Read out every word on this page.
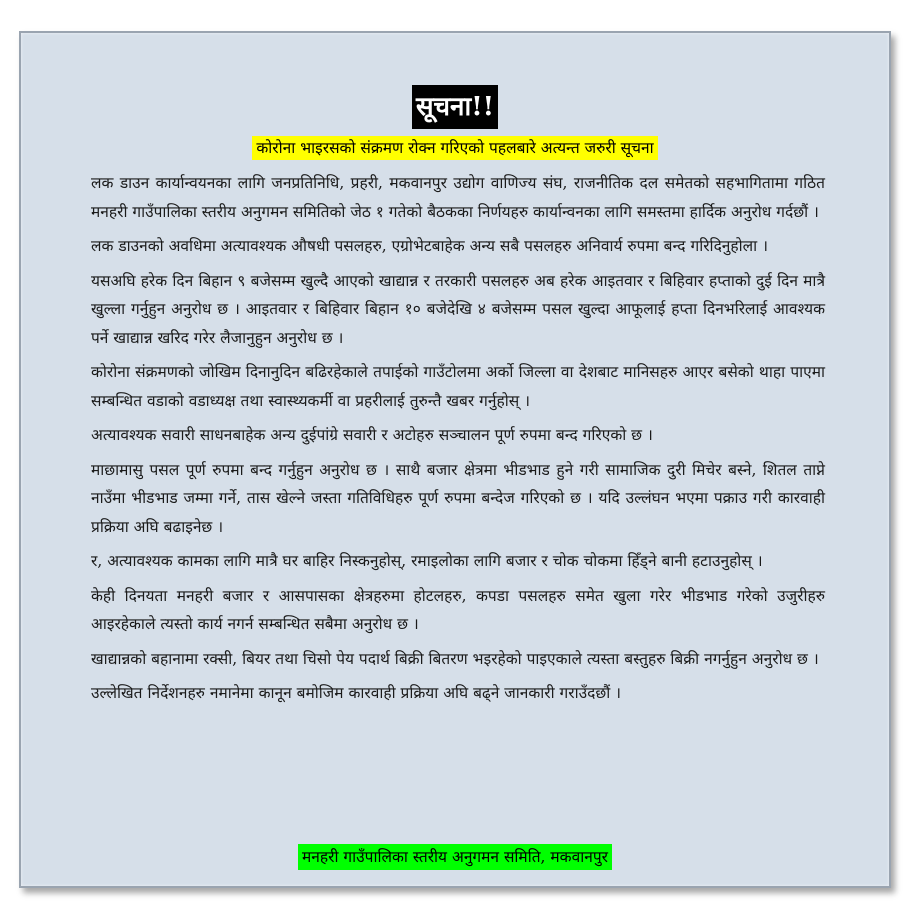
सूचना!!
कोरोना भाइरसको संक्रमण रोक्न गरिएको पहलबारे अत्यन्त जरुरी सूचना

लक डाउन कार्यान्वयनका लागि जनप्रतिनिधि, प्रहरी, मकवानपुर उद्योग वाणिज्य संघ, राजनीतिक दल समेतको सहभागितामा गठित मनहरी गाउँपालिका स्तरीय अनुगमन समितिको जेठ १ गतेको बैठकका निर्णयहरु कार्यान्वनका लागि समस्तमा हार्दिक अनुरोध गर्दछौं ।

लक डाउनको अवधिमा अत्यावश्यक औषधी पसलहरु, एग्रोभेटबाहेक अन्य सबै पसलहरु अनिवार्य रुपमा बन्द गरिदिनुहोला ।

यसअघि हरेक दिन बिहान ९ बजेसम्म खुल्दै आएको खाद्यान्न र तरकारी पसलहरु अब हरेक आइतवार र बिहिवार हप्ताको दुई दिन मात्रै खुल्ला गर्नुहुन अनुरोध छ । आइतवार र बिहिवार बिहान १० बजेदेखि ४ बजेसम्म पसल खुल्दा आफूलाई हप्ता दिनभरिलाई आवश्यक पर्ने खाद्यान्न खरिद गरेर लैजानुहुन अनुरोध छ ।

कोरोना संक्रमणको जोखिम दिनानुदिन बढिरहेकाले तपाईको गाउँटोलमा अर्को जिल्ला वा देशबाट मानिसहरु आएर बसेको थाहा पाएमा सम्बन्धित वडाको वडाध्यक्ष तथा स्वास्थ्यकर्मी वा प्रहरीलाई तुरुन्तै खबर गर्नुहोस् ।

अत्यावश्यक सवारी साधनबाहेक अन्य दुईपांग्रे सवारी र अटोहरु सञ्चालन पूर्ण रुपमा बन्द गरिएको छ ।

माछामासु पसल पूर्ण रुपमा बन्द गर्नुहुन अनुरोध छ । साथै बजार क्षेत्रमा भीडभाड हुने गरी सामाजिक दुरी मिचेर बस्ने, शितल ताप्ने नाउँमा भीडभाड जम्मा गर्ने, तास खेल्ने जस्ता गतिविधिहरु पूर्ण रुपमा बन्देज गरिएको छ । यदि उल्लंघन भएमा पक्राउ गरी कारवाही प्रक्रिया अघि बढाइनेछ ।

र, अत्यावश्यक कामका लागि मात्रै घर बाहिर निस्कनुहोस्, रमाइलोका लागि बजार र चोक चोकमा हिँड्ने बानी हटाउनुहोस् ।

केही दिनयता मनहरी बजार र आसपासका क्षेत्रहरुमा होटलहरु, कपडा पसलहरु समेत खुला गरेर भीडभाड गरेको उजुरीहरु आइरहेकाले त्यस्तो कार्य नगर्न सम्बन्धित सबैमा अनुरोध छ ।

खाद्यान्नको बहानामा रक्सी, बियर तथा चिसो पेय पदार्थ बिक्री बितरण भइरहेको पाइएकाले त्यस्ता बस्तुहरु बिक्री नगर्नुहुन अनुरोध छ ।

उल्लेखित निर्देशनहरु नमानेमा कानून बमोजिम कारवाही प्रक्रिया अघि बढ्ने जानकारी गराउँदछौं ।

मनहरी गाउँपालिका स्तरीय अनुगमन समिति, मकवानपुर
